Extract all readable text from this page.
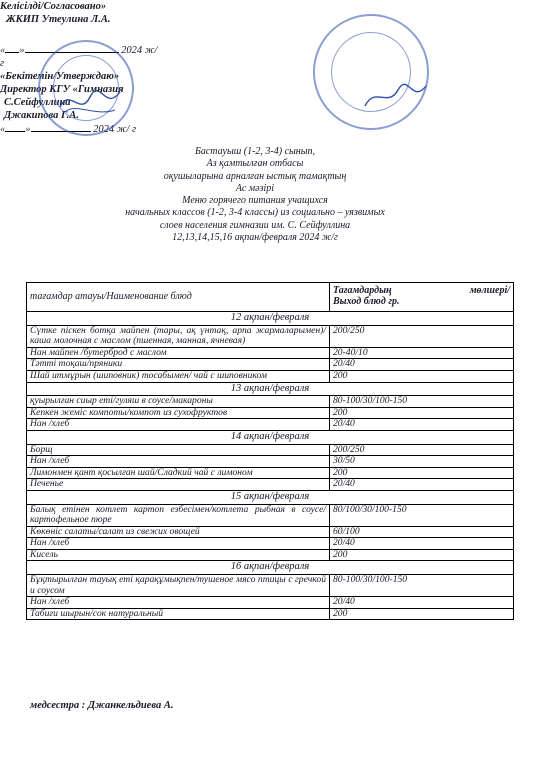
Келісілді/Согласовано»
ЖКИП Утеулина Л.А.
« »	2024 ж/г
«Бекітемін/Утверждаю»
Директор КГУ «Гимназия
С.Сейфуллина
Джакипова Г.А.
« »	2024 ж/ г
Бастауыш (1-2, 3-4) сынып,
Аз қамтылған отбасы
оқушыларына арналған ыстық тамақтың
Ас мәзірі
Меню горячего питания учащихся
начальных классов (1-2, 3-4 классы) из социально – уязвимых
слоев населения гимназии им. С. Сейфуллина
12,13,14,15,16 ақпан/февраля 2024 ж/г
тағамдар атауы/Наименование блюд	Тағамдардың мөлшері/
Выход блюд гр.

12 ақпан/февраля	
Сүтке піскен ботқа майпен (тары, ақ үнтақ, арпа жармаларымен)/ каша молочная с маслом (пшенная, манная, ячневая)	200/250
Нан майпен /бутерброд с маслом	20-40/10
Тәтті тоқаш/пряники	20/40
Шай итмұрын (шиповник) тосабымен/ чай с шиповником	200
13 ақпан/февраля	
қуырылған сиыр еті/гуляш в соусе/макароны	80-100/30/100-150
Кепкен жеміс компоты/компот из сухофруктов	200
Нан /хлеб	20/40
14 ақпан/февраля	
Борщ	200/250
Нан /хлеб	30/50
Лимонмен қант қосылған шай/Сладкий чай с лимоном	200
Печенье	20/40
15 ақпан/февраля	
Балық етінен котлет картоп езбесімен/котлета рыбная в соусе/картофельное пюре	80/100/30/100-150
Көкөніс салаты/салат из свежих овощей	60/100
Нан /хлеб	20/40
Кисель	200
16 ақпан/февраля	
Бұқтырылған тауық еті қарақұмықпен/тушеное мясо птицы с гречкой и соусом	80-100/30/100-150
Нан /хлеб	20/40
Табиғи шырын/сок натуральный	200
медсестра : Джанкельдиева А.
